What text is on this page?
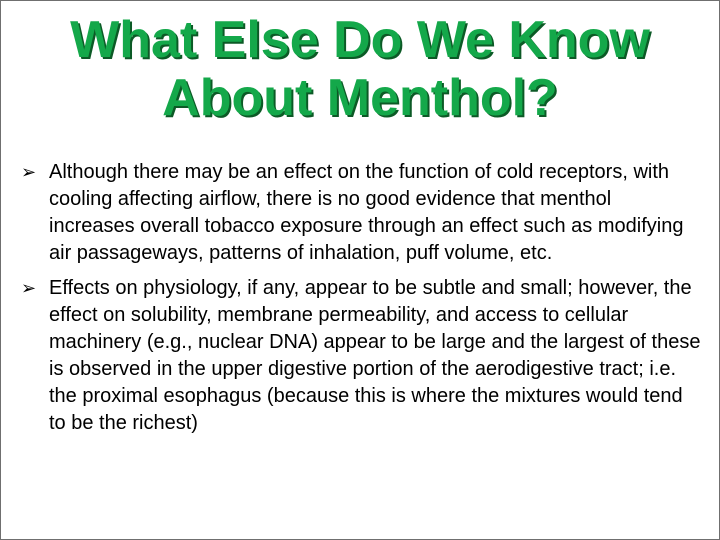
What Else Do We Know
About Menthol?
➢ Although there may be an effect on the function of cold receptors, with cooling affecting airflow, there is no good evidence that menthol increases overall tobacco exposure through an effect such as modifying air passageways, patterns of inhalation, puff volume, etc.
➢ Effects on physiology, if any, appear to be subtle and small; however, the effect on solubility, membrane permeability, and access to cellular machinery (e.g., nuclear DNA) appear to be large and the largest of these is observed in the upper digestive portion of the aerodigestive tract; i.e. the proximal esophagus (because this is where the mixtures would tend to be the richest)
